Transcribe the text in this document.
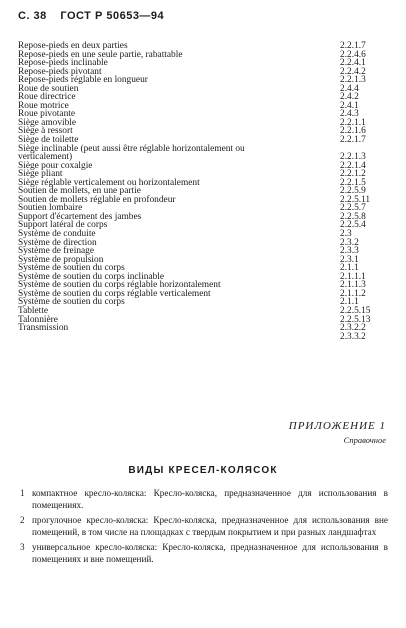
С. 38 ГОСТ Р 50653—94
Repose-pieds en deux parties	2.2.1.7
Repose-pieds en une seule partie, rabattable	2.2.4.6
Repose-pieds inclinable	2.2.4.1
Repose-pieds pivotant	2.2.4.2
Repose-pieds réglable en longueur	2.2.1.3
Roue de soutien	2.4.4
Roue directrice	2.4.2
Roue motrice	2.4.1
Roue pivotante	2.4.3
Siège amovible	2.2.1.1
Siège à ressort	2.2.1.6
Siège de toilette	2.2.1.7
Siège inclinable (peut aussi être réglable horizontalement ou
verticalement)	2.2.1.3
Siège pour coxalgie	2.2.1.4
Siège pliant	2.2.1.2
Siège réglable verticalement ou horizontalement	2.2.1.5
Soutien de mollets, en une partie	2.2.5.9
Soutien de mollets réglable en profondeur	2.2.5.11
Soutien lombaire	2.2.5.7
Support d'écartement des jambes	2.2.5.8
Support latéral de corps	2.2.5.4
Système de conduite	2.3
Système de direction	2.3.2
Système de freinage	2.3.3
Système de propulsion	2.3.1
Système de soutien du corps	2.1.1
Système de soutien du corps inclinable	2.1.1.1
Système de soutien du corps réglable horizontalement	2.1.1.3
Système de soutien du corps réglable verticalement	2.1.1.2
Système de soutien du corps	2.1.1
Tablette	2.2.5.15
Talonnière	2.2.5.13
Transmission	2.3.2.2
2.3.3.2
ПРИЛОЖЕНИЕ 1
Справочное
ВИДЫ КРЕСЕЛ-КОЛЯСОК
1 компактное кресло-коляска: Кресло-коляска, предназначенное для использования в помещениях.
2 прогулочное кресло-коляска: Кресло-коляска, предназначенное для использования вне помещений, в том числе на площадках с твердым покрытием и при разных ландшафтах
3 универсальное кресло-коляска: Кресло-коляска, предназначенное для использования в помещениях и вне помещений.
